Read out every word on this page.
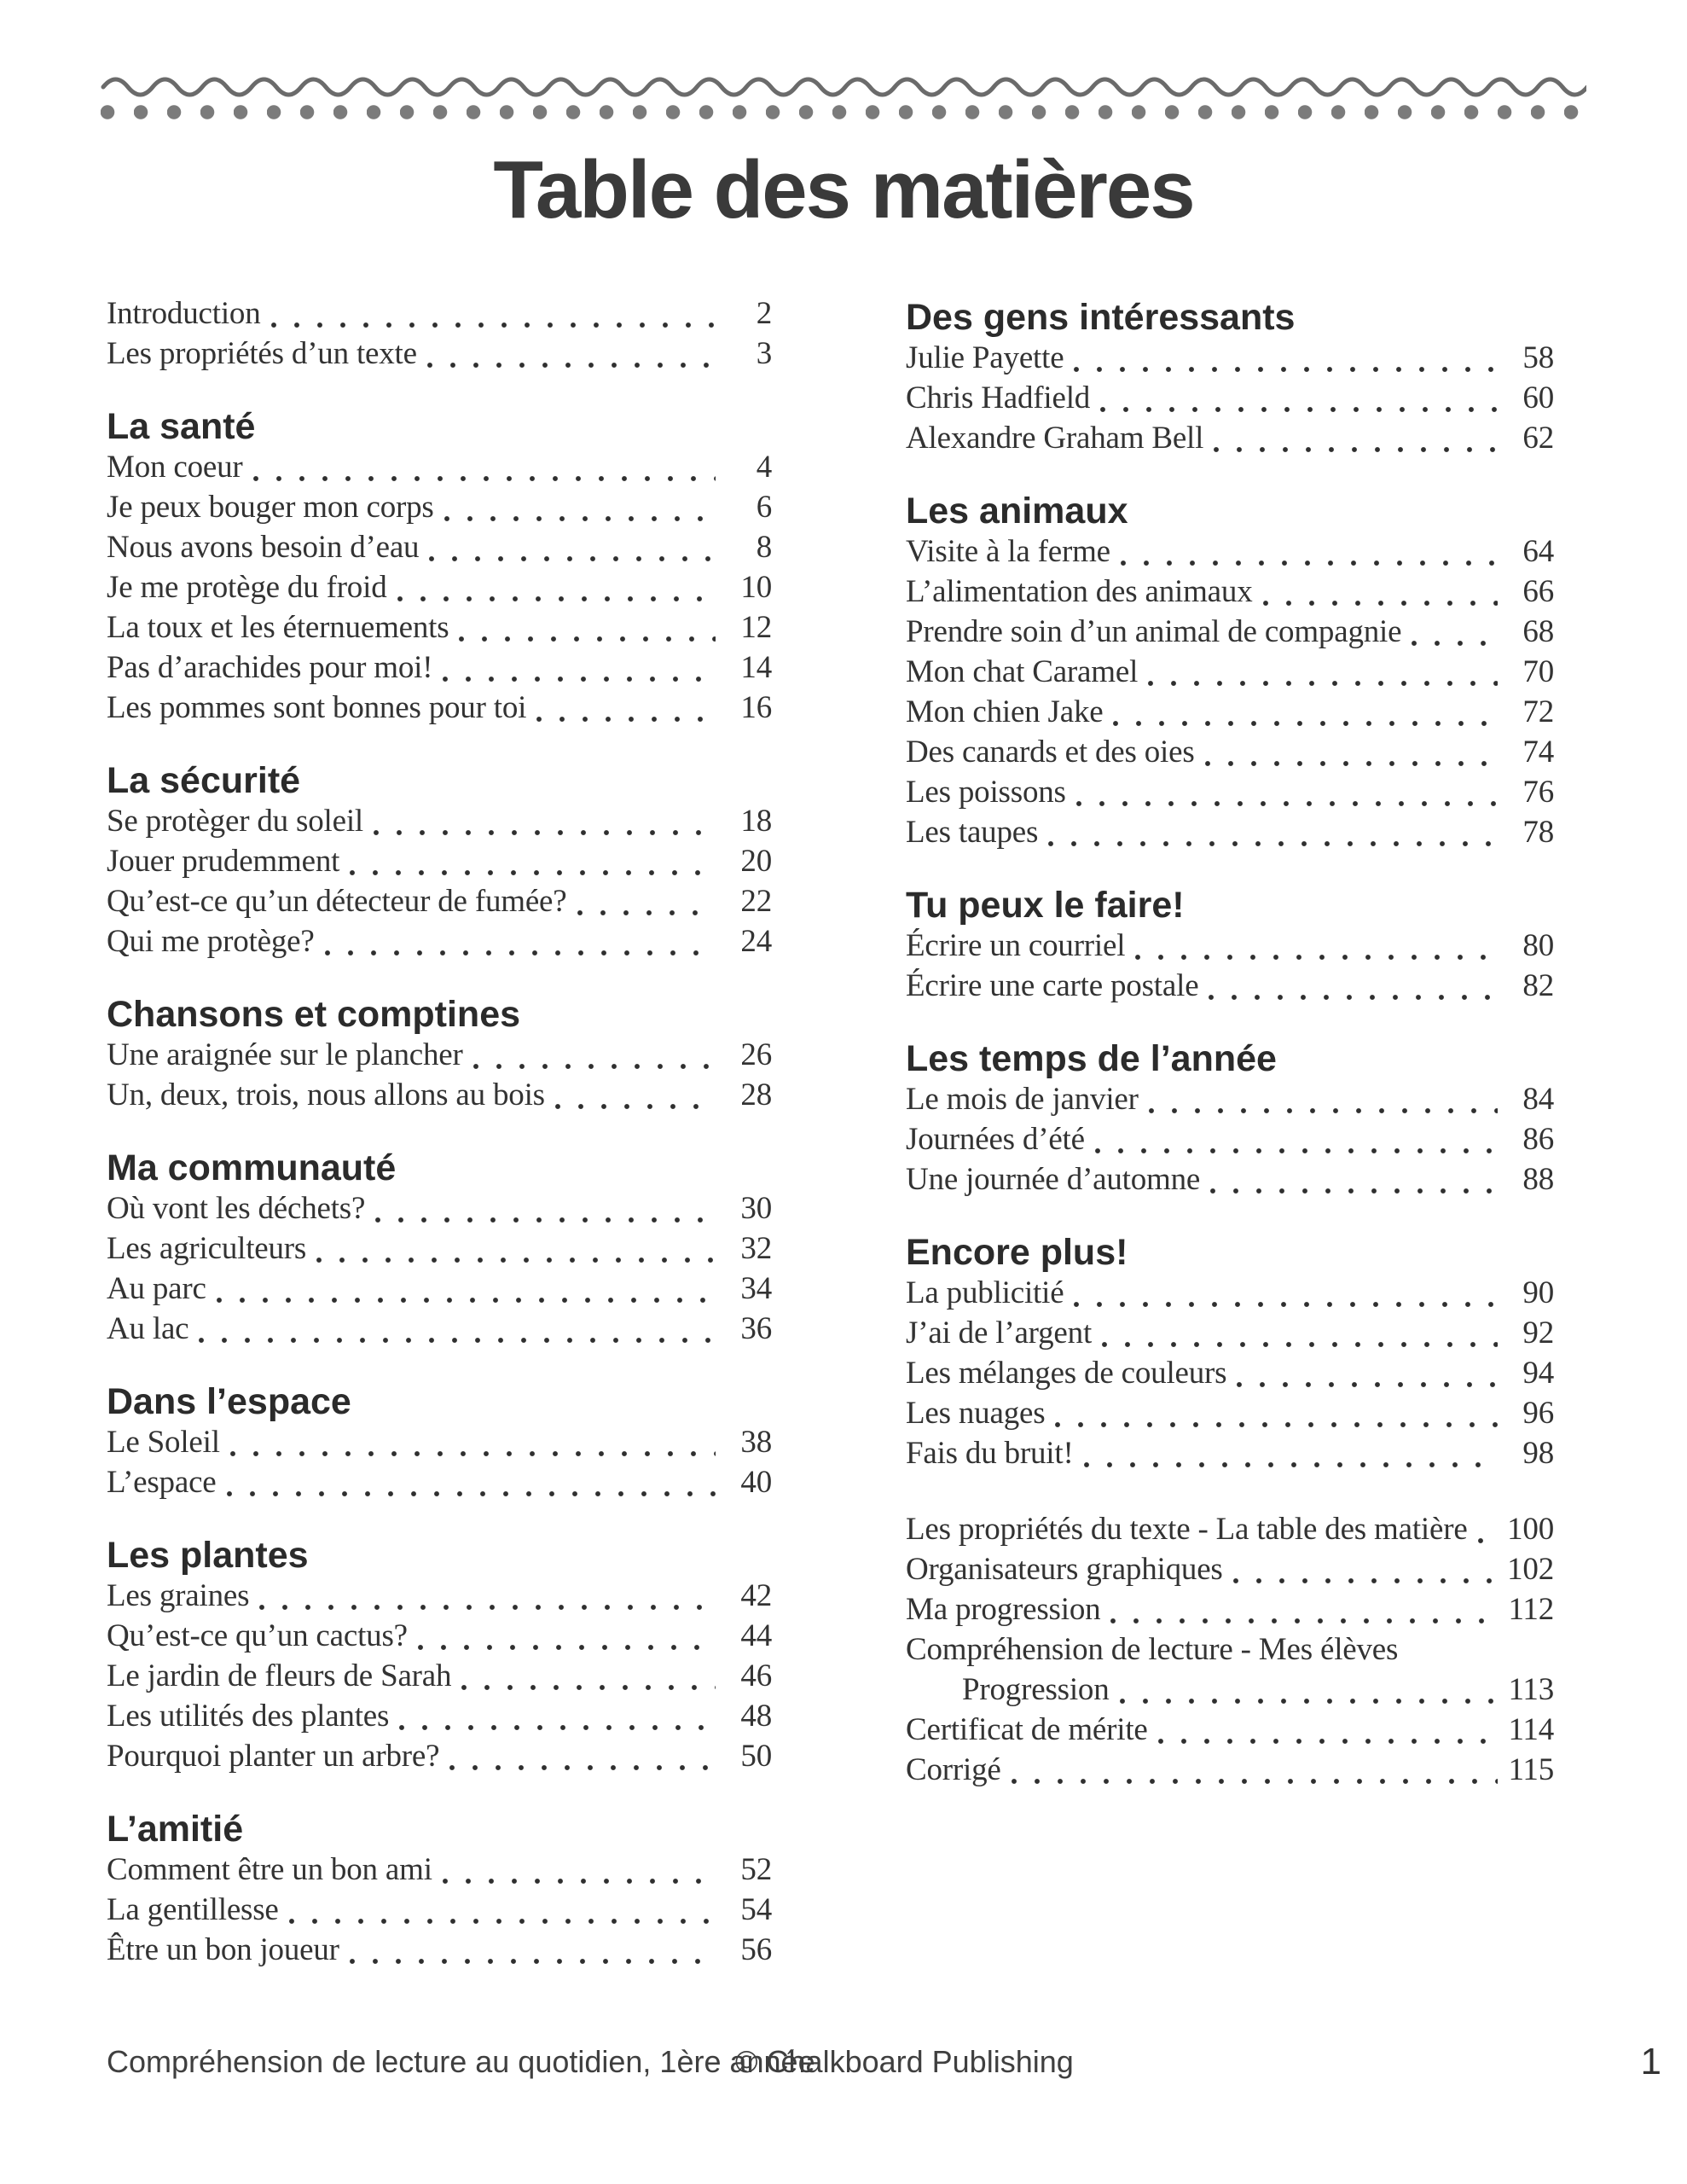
Table des matières
Introduction	2
Les propriétés d’un texte	3
La santé
Mon coeur	4
Je peux bouger mon corps	6
Nous avons besoin d’eau	8
Je me protège du froid	10
La toux et les éternuements	12
Pas d’arachides pour moi!	14
Les pommes sont bonnes pour toi	16
La sécurité
Se protèger du soleil	18
Jouer prudemment	20
Qu’est-ce qu’un détecteur de fumée?	22
Qui me protège?	24
Chansons et comptines
Une araignée sur le plancher	26
Un, deux, trois, nous allons au bois	28
Ma communauté
Où vont les déchets?	30
Les agriculteurs	32
Au parc	34
Au lac	36
Dans l’espace
Le Soleil	38
L’espace	40
Les plantes
Les graines	42
Qu’est-ce qu’un cactus?	44
Le jardin de fleurs de Sarah	46
Les utilités des plantes	48
Pourquoi planter un arbre?	50
L’amitié
Comment être un bon ami	52
La gentillesse	54
Être un bon joueur	56
Des gens intéressants
Julie Payette	58
Chris Hadfield	60
Alexandre Graham Bell	62
Les animaux
Visite à la ferme	64
L’alimentation des animaux	66
Prendre soin d’un animal de compagnie	68
Mon chat Caramel	70
Mon chien Jake	72
Des canards et des oies	74
Les poissons	76
Les taupes	78
Tu peux le faire!
Écrire un courriel	80
Écrire une carte postale	82
Les temps de l’année
Le mois de janvier	84
Journées d’été	86
Une journée d’automne	88
Encore plus!
La publicitié	90
J’ai de l’argent	92
Les mélanges de couleurs	94
Les nuages	96
Fais du bruit!	98
Les propriétés du texte - La table des matière 100
Organisateurs graphiques	102
Ma progression	112
Compréhension de lecture - Mes élèves
Progression	113
Certificat de mérite	114
Corrigé	115
Compréhension de lecture au quotidien, 1ère année
© Chalkboard Publishing	1
